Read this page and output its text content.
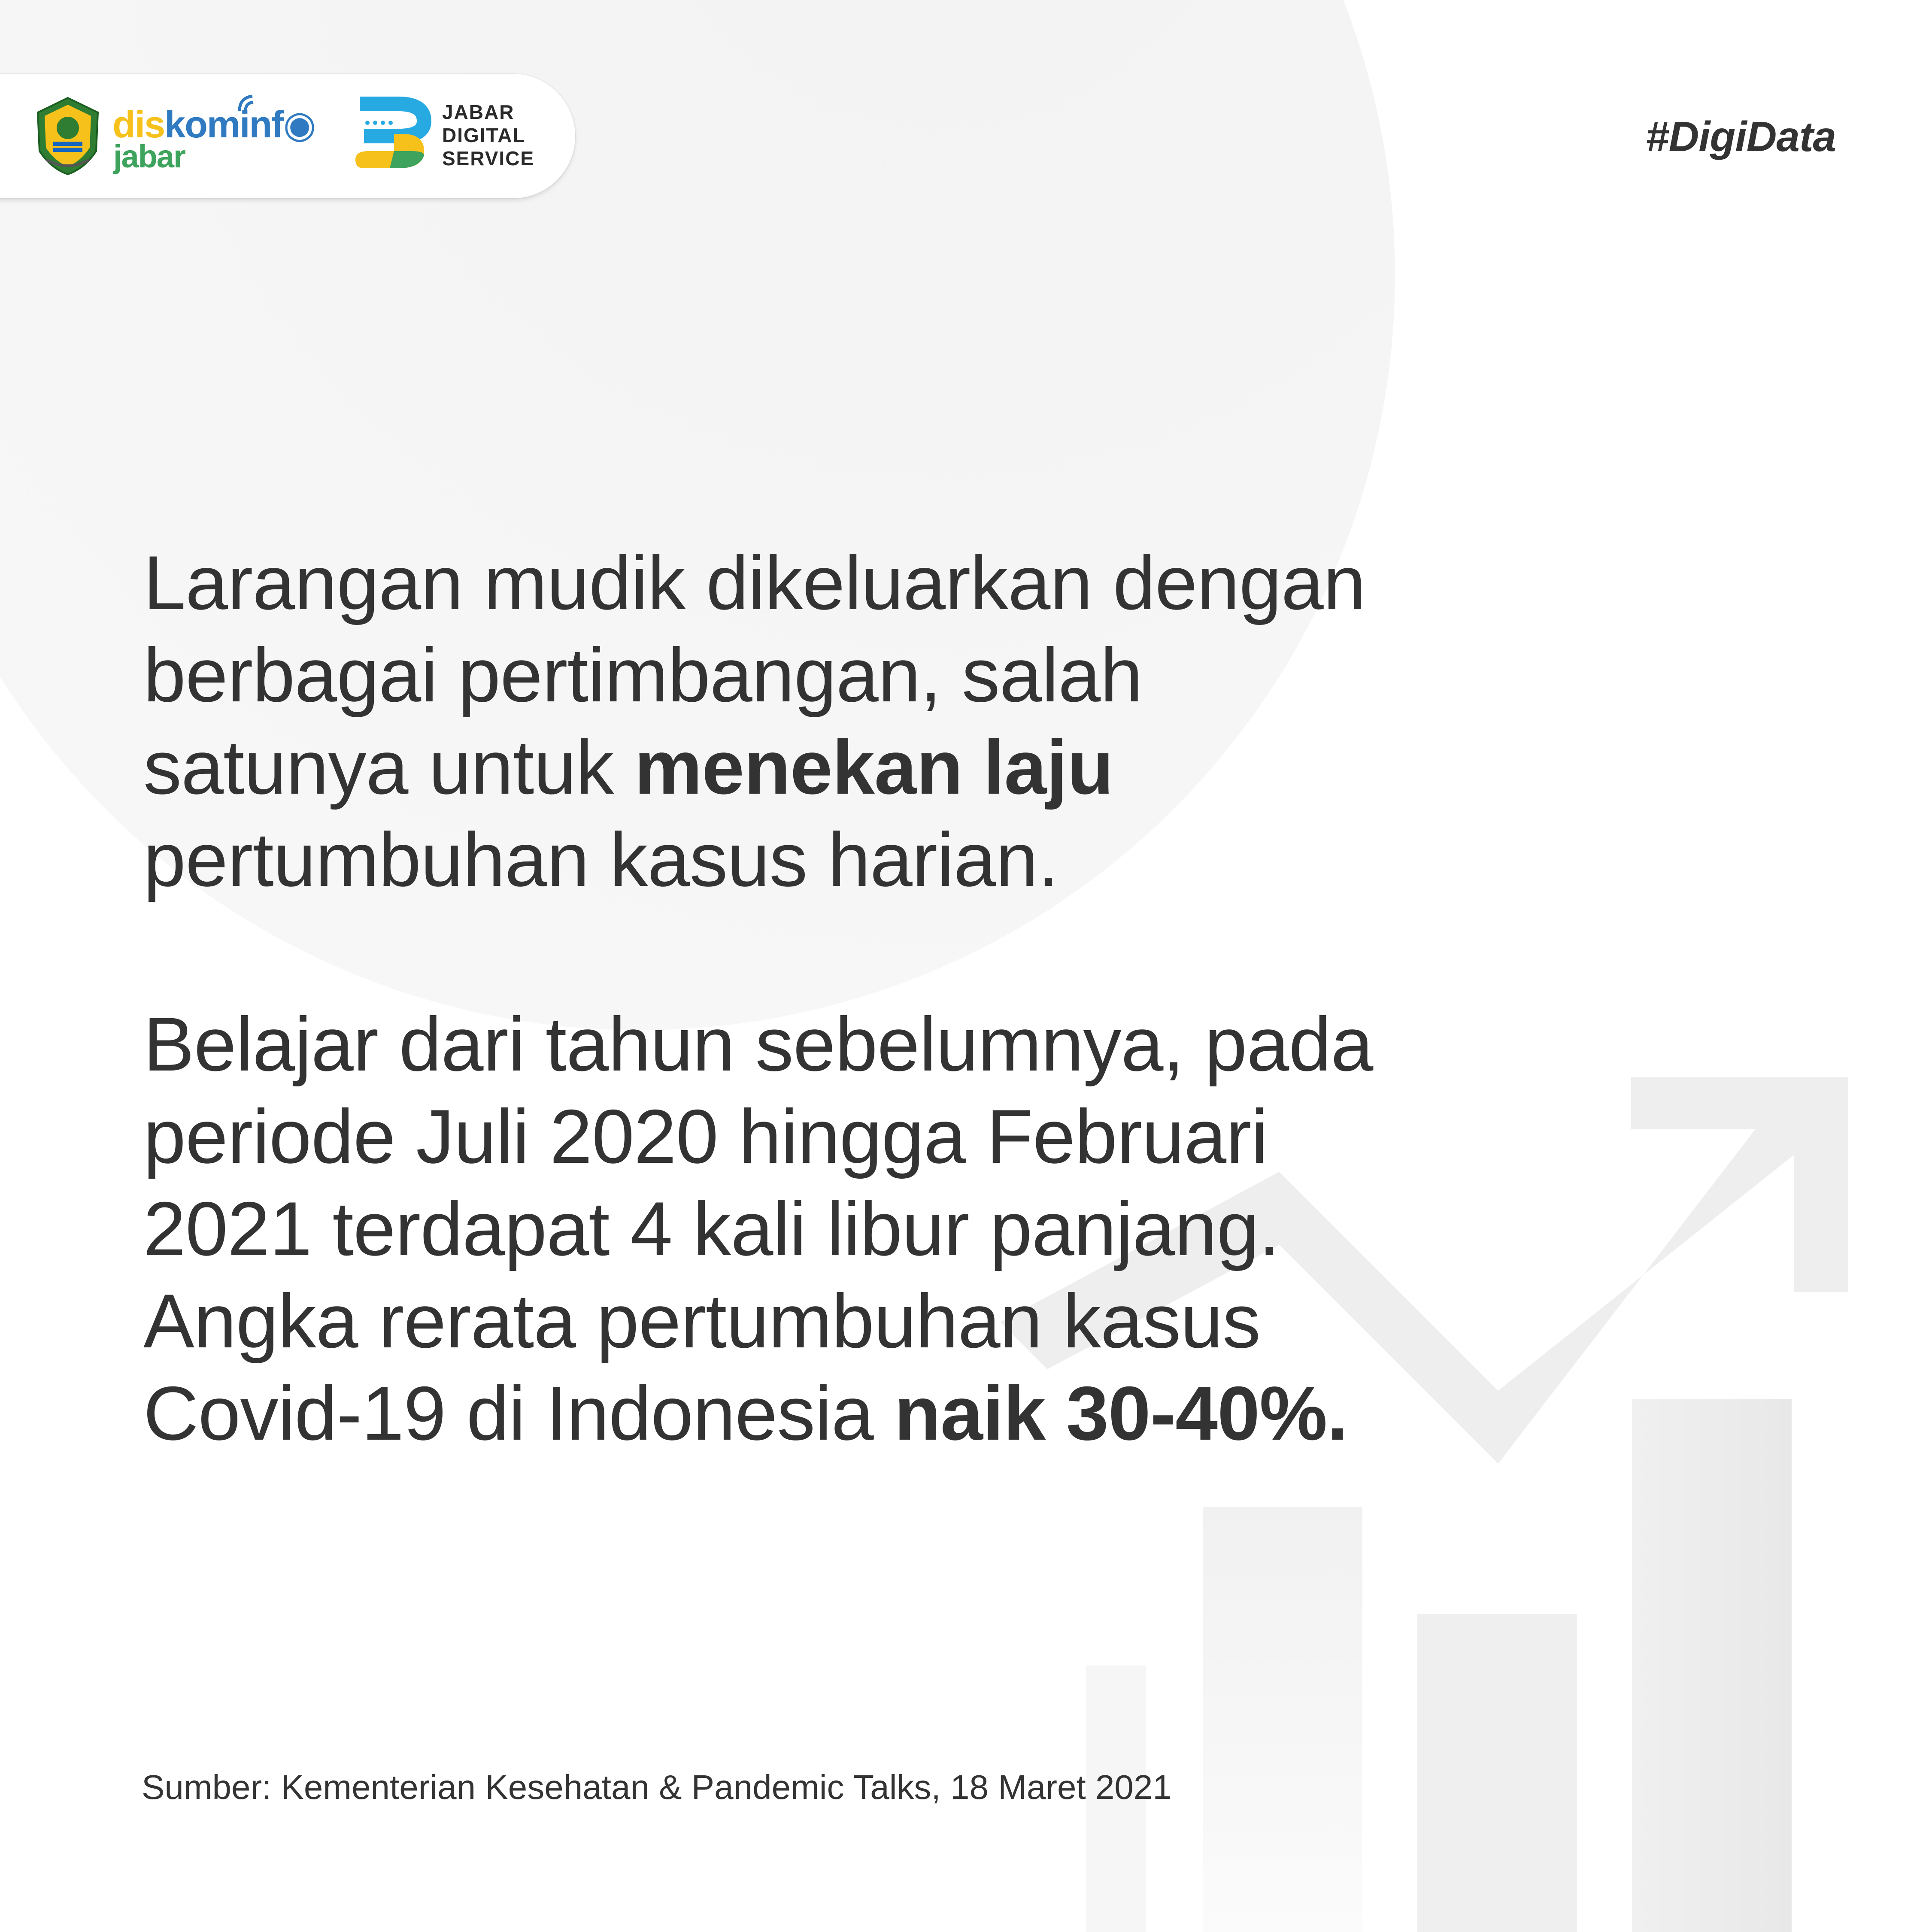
diskominf◉
jabar
JABAR
DIGITAL
SERVICE	#DigiData

Larangan mudik dikeluarkan dengan berbagai pertimbangan, salah satunya untuk menekan laju pertumbuhan kasus harian.

Belajar dari tahun sebelumnya, pada periode Juli 2020 hingga Februari 2021 terdapat 4 kali libur panjang. Angka rerata pertumbuhan kasus Covid-19 di Indonesia naik 30-40%.

Sumber: Kementerian Kesehatan & Pandemic Talks, 18 Maret 2021
